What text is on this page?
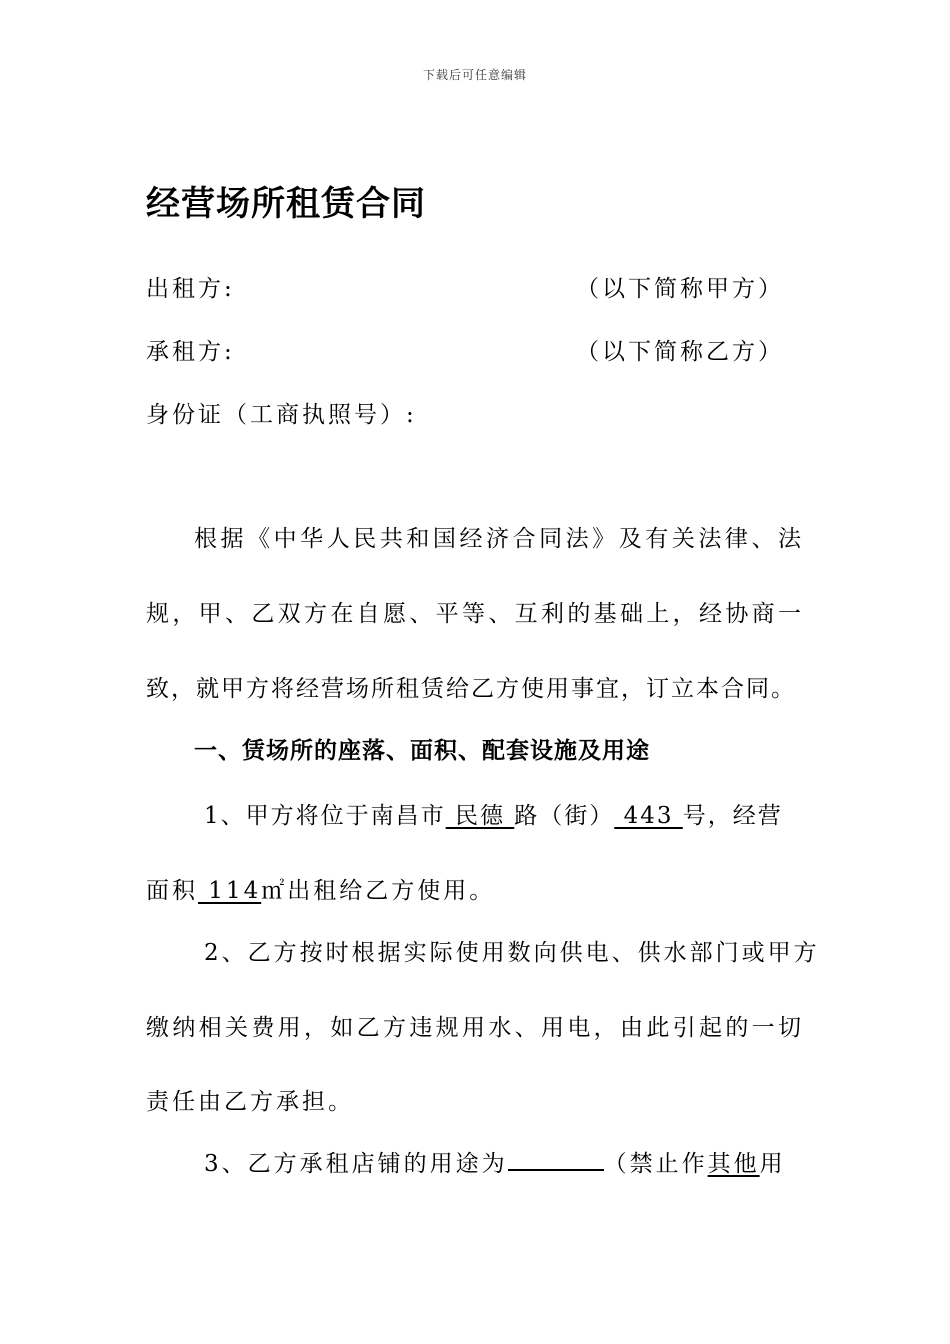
下载后可任意编辑
经营场所租赁合同
出租方:	（以下简称甲方）
承租方:	（以下简称乙方）
身份证（工商执照号）:
根据《中华人民共和国经济合同法》及有关法律、法
规，甲、乙双方在自愿、平等、互利的基础上，经协商一
致，就甲方将经营场所租赁给乙方使用事宜，订立本合同。
一、赁场所的座落、面积、配套设施及用途
1、甲方将位于南昌市 民德 路（街） 443 号，经营
面积 114㎡出租给乙方使用。
2、乙方按时根据实际使用数向供电、供水部门或甲方
缴纳相关费用，如乙方违规用水、用电，由此引起的一切
责任由乙方承担。
3、乙方承租店铺的用途为	（禁止作其他用
